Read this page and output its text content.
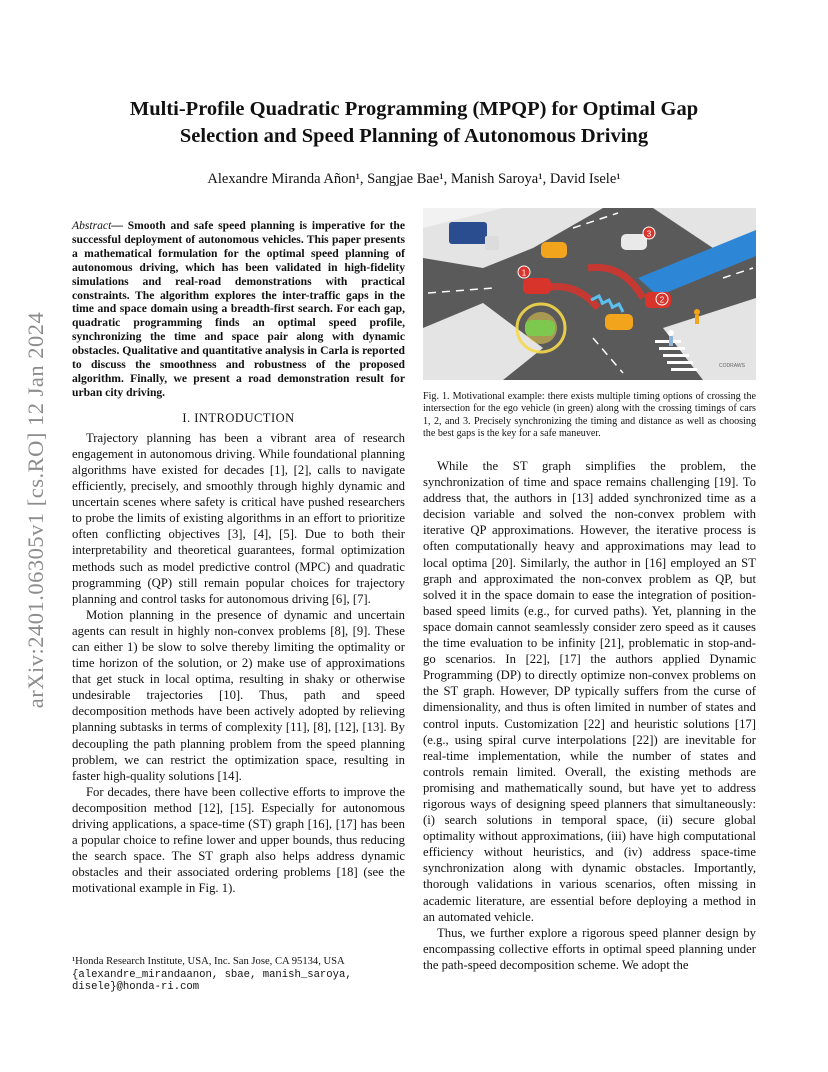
arXiv:2401.06305v1 [cs.RO] 12 Jan 2024
Multi-Profile Quadratic Programming (MPQP) for Optimal Gap Selection and Speed Planning of Autonomous Driving
Alexandre Miranda Añon¹, Sangjae Bae¹, Manish Saroya¹, David Isele¹

Abstract— Smooth and safe speed planning is imperative for the successful deployment of autonomous vehicles. This paper presents a mathematical formulation for the optimal speed planning of autonomous driving, which has been validated in high-fidelity simulations and real-road demonstrations with practical constraints. The algorithm explores the inter-traffic gaps in the time and space domain using a breadth-first search. For each gap, quadratic programming finds an optimal speed profile, synchronizing the time and space pair along with dynamic obstacles. Qualitative and quantitative analysis in Carla is reported to discuss the smoothness and robustness of the proposed algorithm. Finally, we present a road demonstration result for urban city driving.

I. INTRODUCTION

Trajectory planning has been a vibrant area of research engagement in autonomous driving. While foundational planning algorithms have existed for decades [1], [2], calls to navigate efficiently, precisely, and smoothly through highly dynamic and uncertain scenes where safety is critical have pushed researchers to probe the limits of existing algorithms in an effort to prioritize often conflicting objectives [3], [4], [5]. Due to both their interpretability and theoretical guarantees, formal optimization methods such as model predictive control (MPC) and quadratic programming (QP) still remain popular choices for trajectory planning and control tasks for autonomous driving [6], [7].

Motion planning in the presence of dynamic and uncertain agents can result in highly non-convex problems [8], [9]. These can either 1) be slow to solve thereby limiting the optimality or time horizon of the solution, or 2) make use of approximations that get stuck in local optima, resulting in shaky or otherwise undesirable trajectories [10]. Thus, path and speed decomposition methods have been actively adopted by relieving planning subtasks in terms of complexity [11], [8], [12], [13]. By decoupling the path planning problem from the speed planning problem, we can restrict the optimization space, resulting in faster high-quality solutions [14].

For decades, there have been collective efforts to improve the decomposition method [12], [15]. Especially for autonomous driving applications, a space-time (ST) graph [16], [17] has been a popular choice to refine lower and upper bounds, thus reducing the search space. The ST graph also helps address dynamic obstacles and their associated ordering problems [18] (see the motivational example in Fig. 1).

¹Honda Research Institute, USA, Inc. San Jose, CA 95134, USA
{alexandre_mirandaanon, sbae, manish_saroya, disele}@honda-ri.com
1
2
3
CODRAWS
Fig. 1. Motivational example: there exists multiple timing options of crossing the intersection for the ego vehicle (in green) along with the crossing timings of cars 1, 2, and 3. Precisely synchronizing the timing and distance as well as choosing the best gaps is the key for a safe maneuver.

While the ST graph simplifies the problem, the synchronization of time and space remains challenging [19]. To address that, the authors in [13] added synchronized time as a decision variable and solved the non-convex problem with iterative QP approximations. However, the iterative process is often computationally heavy and approximations may lead to local optima [20]. Similarly, the author in [16] employed an ST graph and approximated the non-convex problem as QP, but solved it in the space domain to ease the integration of position-based speed limits (e.g., for curved paths). Yet, planning in the space domain cannot seamlessly consider zero speed as it causes the time evaluation to be infinity [21], problematic in stop-and-go scenarios. In [22], [17] the authors applied Dynamic Programming (DP) to directly optimize non-convex problems on the ST graph. However, DP typically suffers from the curse of dimensionality, and thus is often limited in number of states and control inputs. Customization [22] and heuristic solutions [17] (e.g., using spiral curve interpolations [22]) are inevitable for real-time implementation, while the number of states and controls remain limited. Overall, the existing methods are promising and mathematically sound, but have yet to address rigorous ways of designing speed planners that simultaneously: (i) search solutions in temporal space, (ii) secure global optimality without approximations, (iii) have high computational efficiency without heuristics, and (iv) address space-time synchronization along with dynamic obstacles. Importantly, thorough validations in various scenarios, often missing in academic literature, are essential before deploying a method in an automated vehicle.

Thus, we further explore a rigorous speed planner design by encompassing collective efforts in optimal speed planning under the path-speed decomposition scheme. We adopt the
